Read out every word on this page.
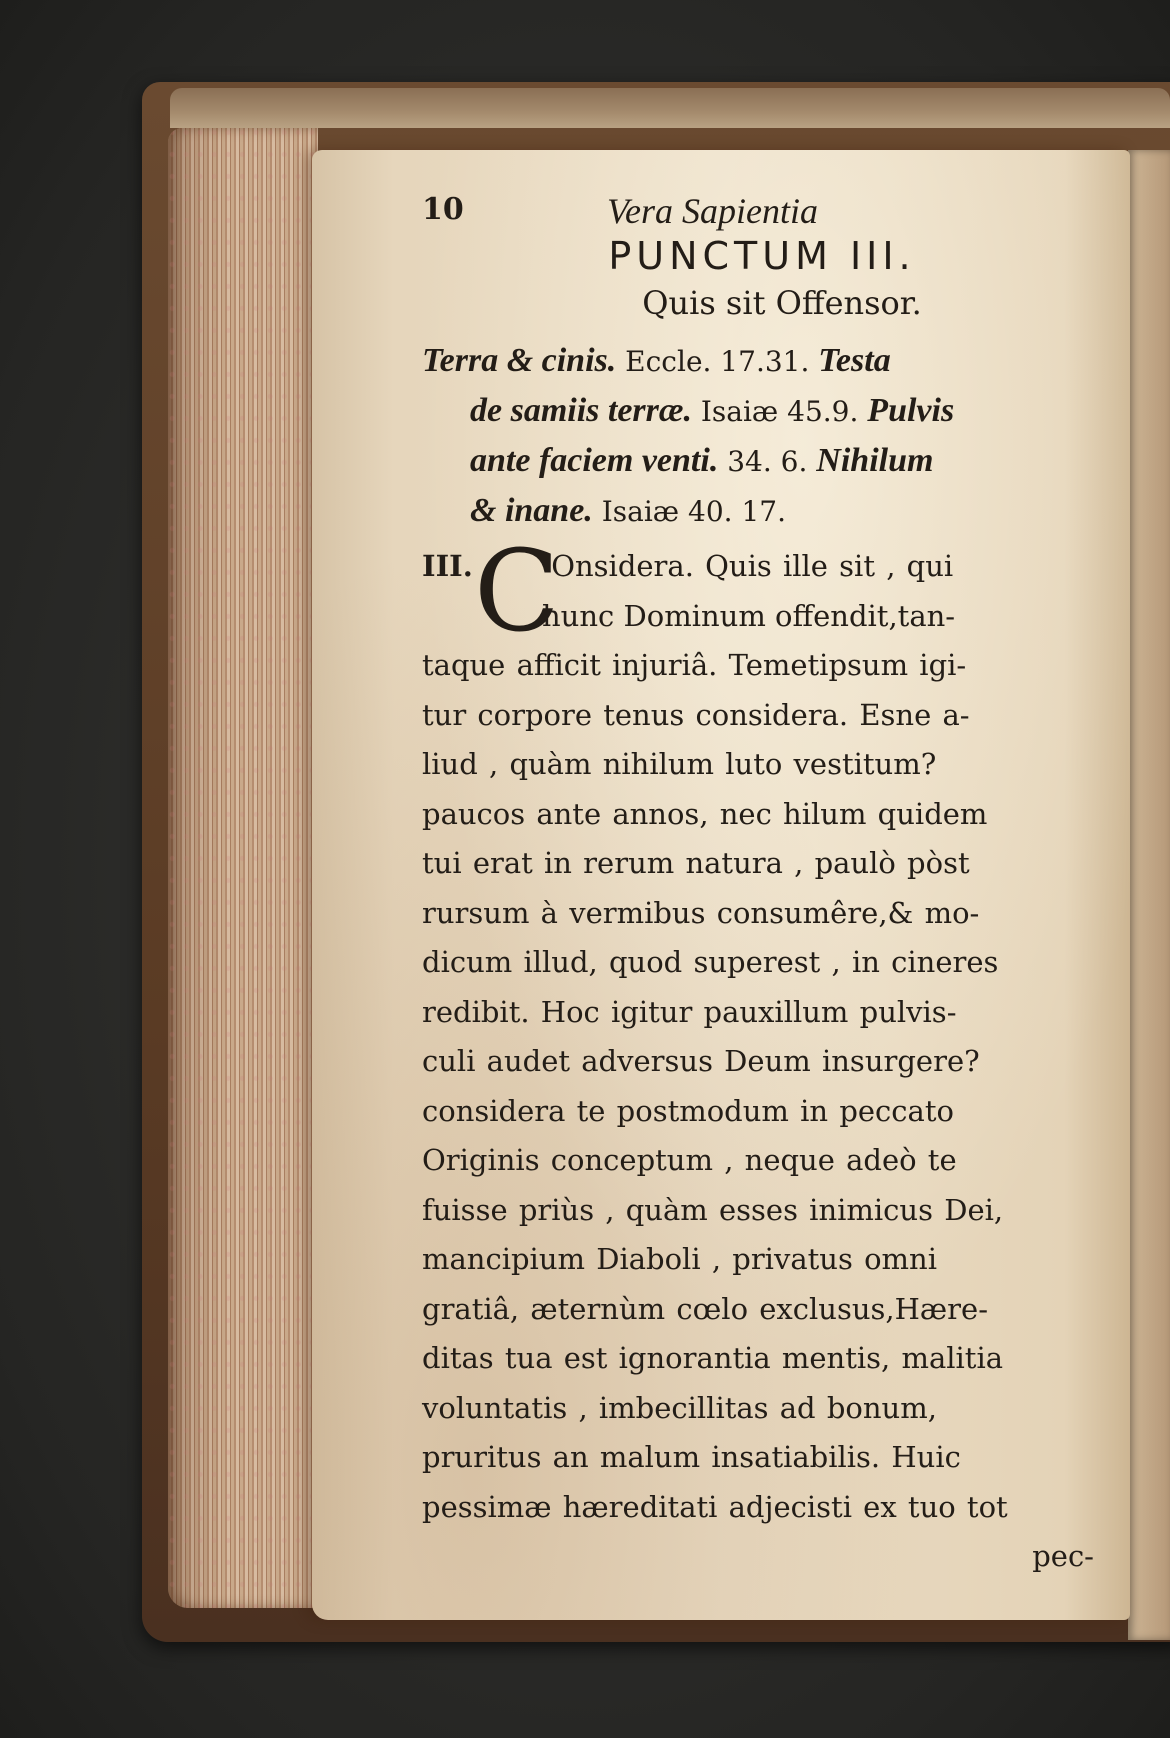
10	Vera Sapientia
PUNCTUM III.
Quis sit Offensor.
Terra & cinis. Eccle. 17.31. Testa
de samiis terræ. Isaiæ 45.9. Pulvis
ante faciem venti. 34. 6. Nihilum
& inane. Isaiæ 40. 17.
III. C
Onsidera. Quis ille sit , qui
hunc Dominum offendit,tan-
taque afficit injuriâ. Temetipsum igi-
tur corpore tenus considera. Esne a-
liud , quàm nihilum luto vestitum?
paucos ante annos, nec hilum quidem
tui erat in rerum natura , paulò pòst
rursum à vermibus consumêre,& mo-
dicum illud, quod superest , in cineres
redibit. Hoc igitur pauxillum pulvis-
culi audet adversus Deum insurgere?
considera te postmodum in peccato
Originis conceptum , neque adeò te
fuisse priùs , quàm esses inimicus Dei,
mancipium Diaboli , privatus omni
gratiâ, æternùm cœlo exclusus,Hære-
ditas tua est ignorantia mentis, malitia
voluntatis , imbecillitas ad bonum,
pruritus an malum insatiabilis. Huic
pessimæ hæreditati adjecisti ex tuo tot
pec-
